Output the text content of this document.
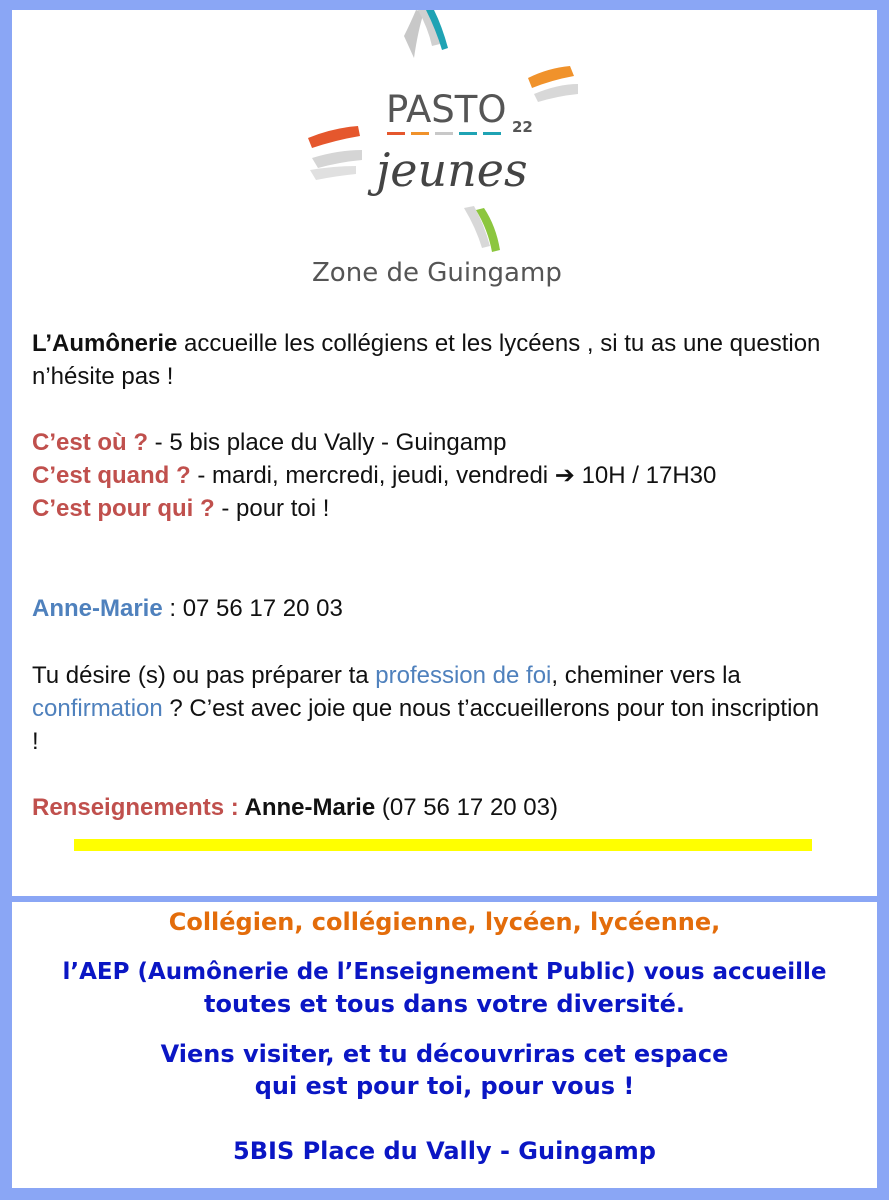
PASTO 22
jeunes
Zone de Guingamp
L’Aumônerie accueille les collégiens et les lycéens , si tu as une question n’hésite pas !
C’est où ? - 5 bis place du Vally - Guingamp
C’est quand ? - mardi, mercredi, jeudi, vendredi ➔ 10H / 17H30
C’est pour qui ? - pour toi !
Anne-Marie : 07 56 17 20 03
Tu désire (s) ou pas préparer ta profession de foi, cheminer vers la confirmation ? C’est avec joie que nous t’accueillerons pour ton inscription !
Renseignements : Anne-Marie (07 56 17 20 03)
Collégien, collégienne, lycéen, lycéenne,
l’AEP (Aumônerie de l’Enseignement Public) vous accueille
toutes et tous dans votre diversité.
Viens visiter, et tu découvriras cet espace
qui est pour toi, pour vous !
5BIS Place du Vally - Guingamp
